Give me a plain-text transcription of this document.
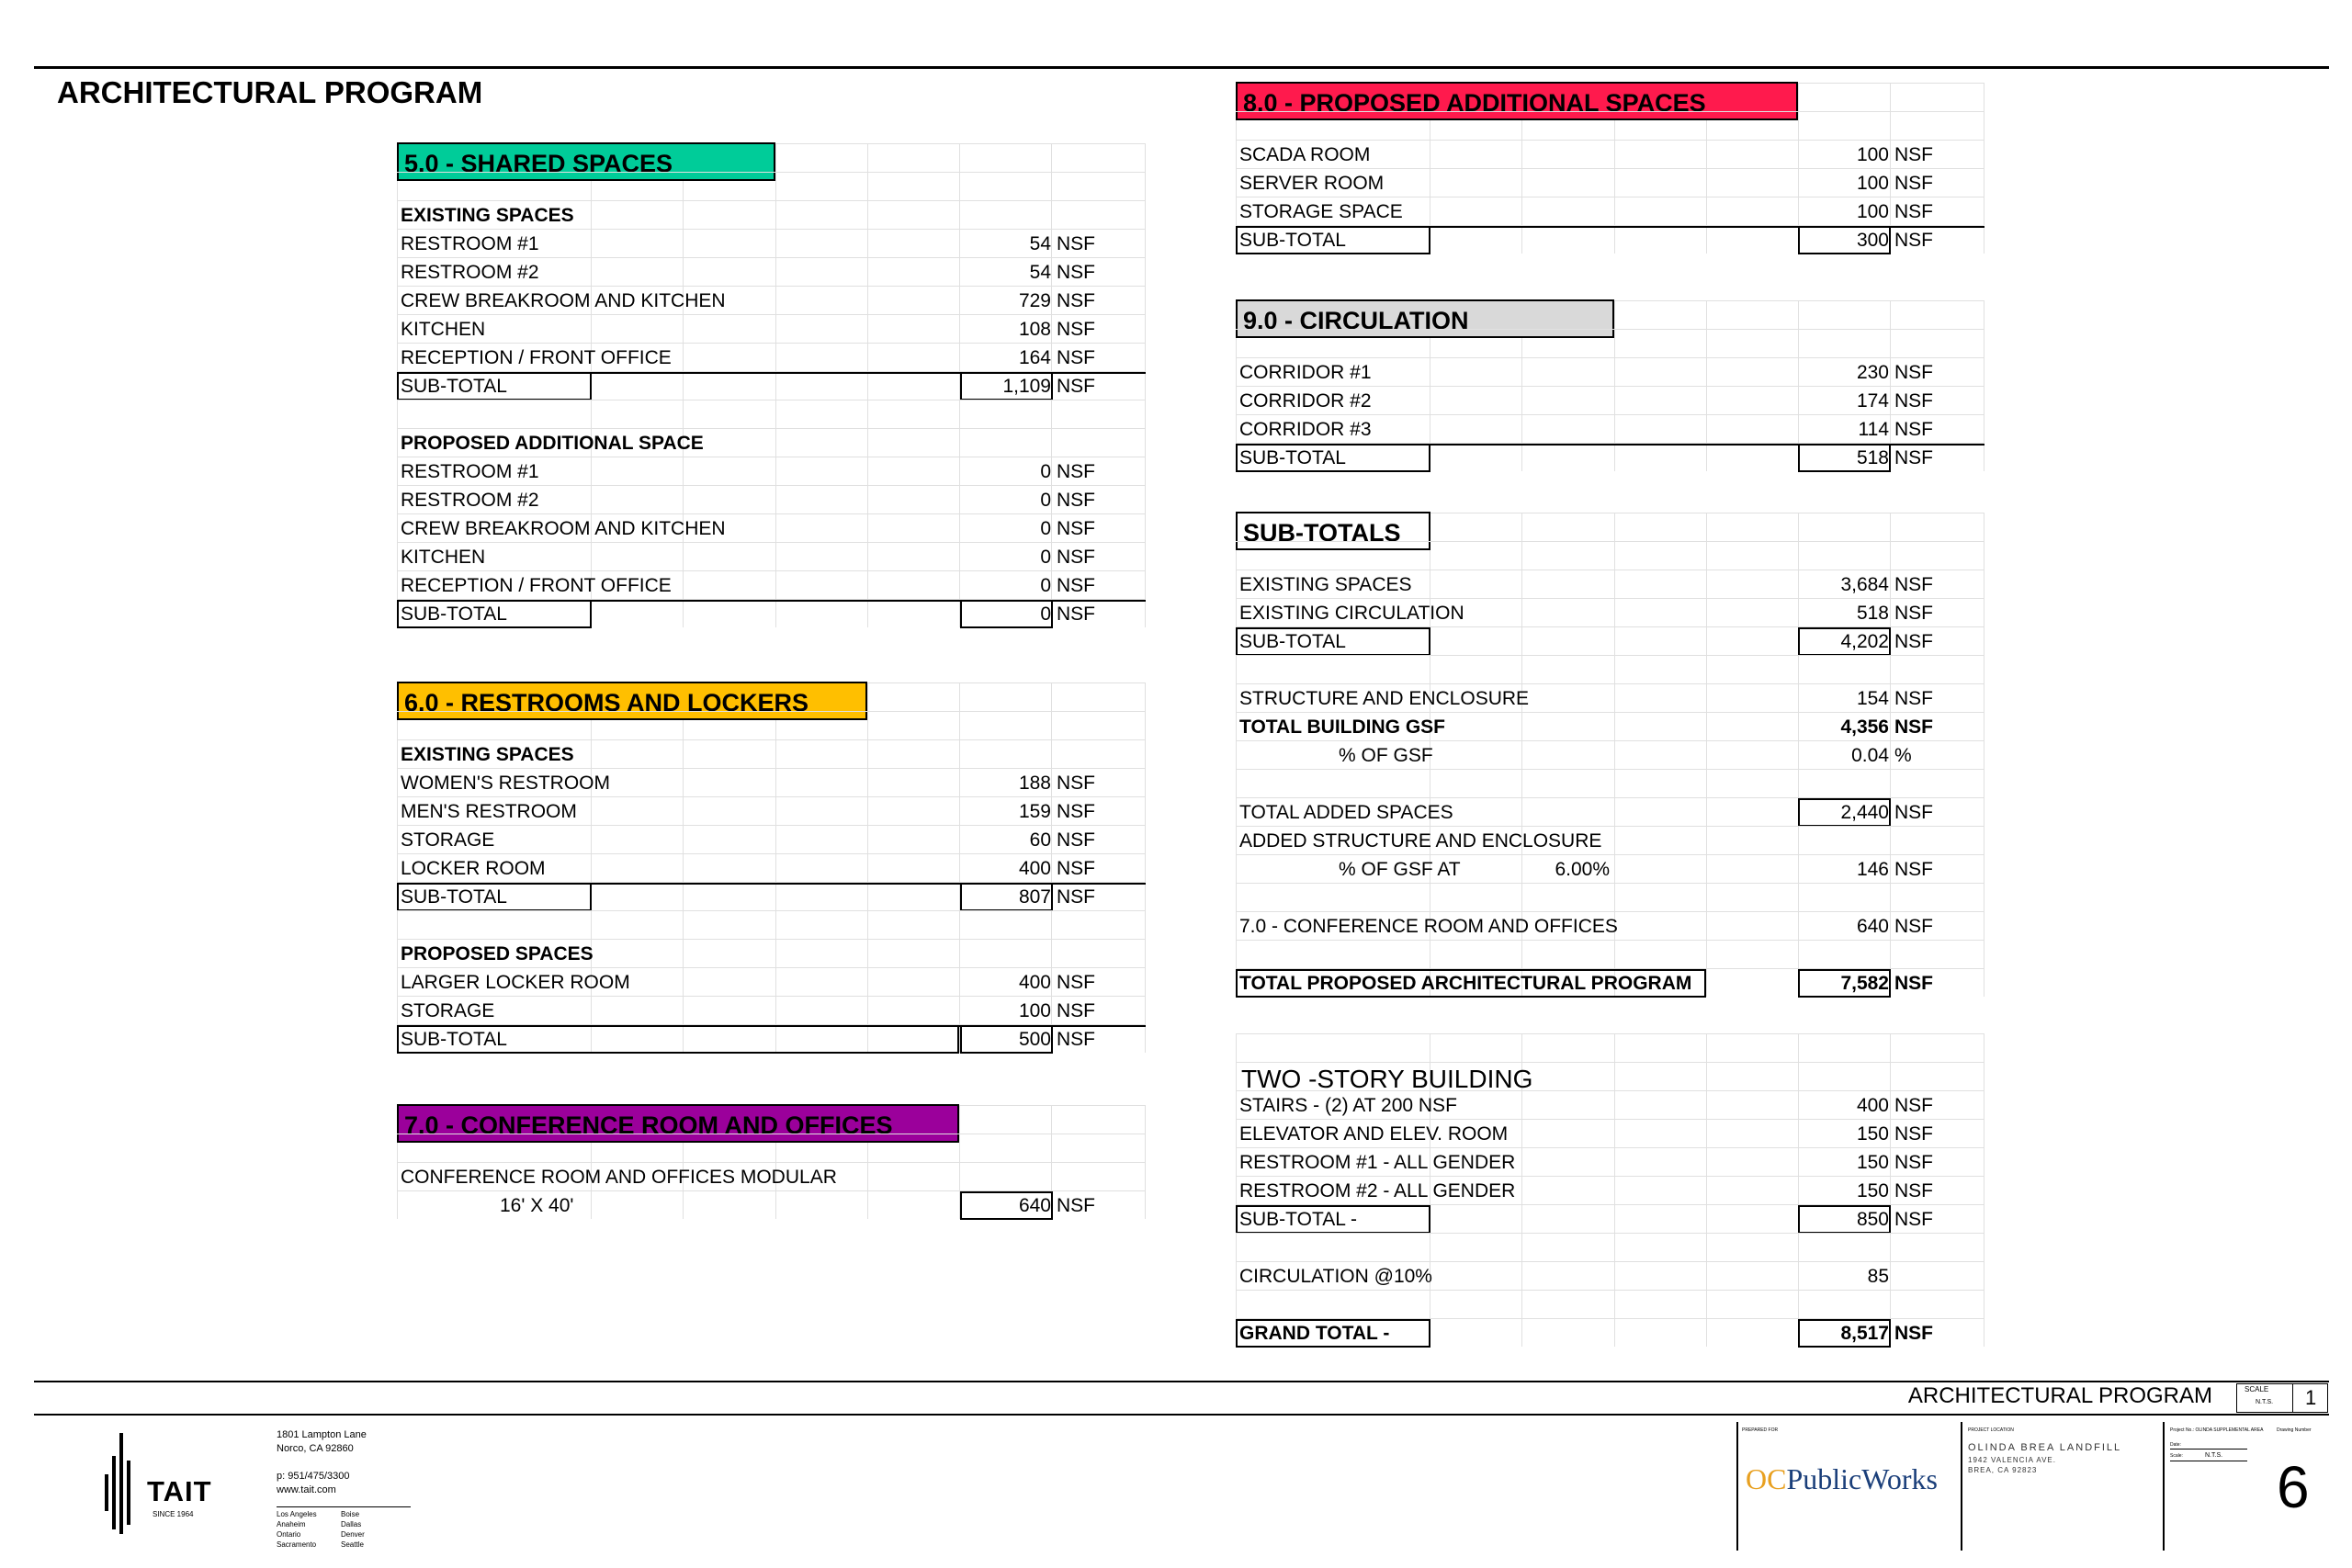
ARCHITECTURAL PROGRAM
ARCHITECTURAL PROGRAM	SCALE
N.T.S. 1
TAIT
SINCE 1964
1801 Lampton Lane
Norco, CA 92860
p: 951/475/3300
www.tait.com
Los Angeles	Boise
Anaheim	Dallas
Ontario	Denver
Sacramento	Seattle
PREPARED FOR
OCPublicWorks
PROJECT LOCATION
OLINDA BREA LANDFILL
1942 VALENCIA AVE.
BREA, CA 92823
Project No.: OLINDA SUPPLEMENTAL AREA	Drawing Number
Date:
Scale:	N.T.S. 6
5.0 - SHARED SPACES
EXISTING SPACES
RESTROOM #1	54 NSF
RESTROOM #2	54 NSF
CREW BREAKROOM AND KITCHEN	729 NSF
KITCHEN	108 NSF
RECEPTION / FRONT OFFICE	164 NSF
SUB-TOTAL	1,109 NSF
PROPOSED ADDITIONAL SPACE
RESTROOM #1	0 NSF
RESTROOM #2	0 NSF
CREW BREAKROOM AND KITCHEN	0 NSF
KITCHEN	0 NSF
RECEPTION / FRONT OFFICE	0 NSF
SUB-TOTAL	0 NSF
6.0 - RESTROOMS AND LOCKERS
EXISTING SPACES
WOMEN'S RESTROOM	188 NSF
MEN'S RESTROOM	159 NSF
STORAGE	60 NSF
LOCKER ROOM	400 NSF
SUB-TOTAL	807 NSF
PROPOSED SPACES
LARGER LOCKER ROOM	400 NSF
STORAGE	100 NSF
SUB-TOTAL	500 NSF
7.0 - CONFERENCE ROOM AND OFFICES
CONFERENCE ROOM AND OFFICES MODULAR
16' X 40'	640 NSF
8.0 - PROPOSED ADDITIONAL SPACES
SCADA ROOM	100 NSF
SERVER ROOM	100 NSF
STORAGE SPACE	100 NSF
SUB-TOTAL	300 NSF
9.0 - CIRCULATION
CORRIDOR #1	230 NSF
CORRIDOR #2	174 NSF
CORRIDOR #3	114 NSF
SUB-TOTAL	518 NSF
SUB-TOTALS
EXISTING SPACES	3,684 NSF
EXISTING CIRCULATION	518 NSF
SUB-TOTAL	4,202 NSF
STRUCTURE AND ENCLOSURE	154 NSF
TOTAL BUILDING GSF	4,356 NSF
% OF GSF	0.04 %
TOTAL ADDED SPACES	2,440 NSF
ADDED STRUCTURE AND ENCLOSURE
% OF GSF AT	6.00%	146 NSF
7.0 - CONFERENCE ROOM AND OFFICES	640 NSF
TOTAL PROPOSED ARCHITECTURAL PROGRAM	7,582 NSF
TWO -STORY BUILDING
STAIRS - (2) AT 200 NSF	400 NSF
ELEVATOR AND ELEV. ROOM	150 NSF
RESTROOM #1 - ALL GENDER	150 NSF
RESTROOM #2 - ALL GENDER	150 NSF
SUB-TOTAL -	850 NSF
CIRCULATION @10%	85
GRAND TOTAL -	8,517 NSF
